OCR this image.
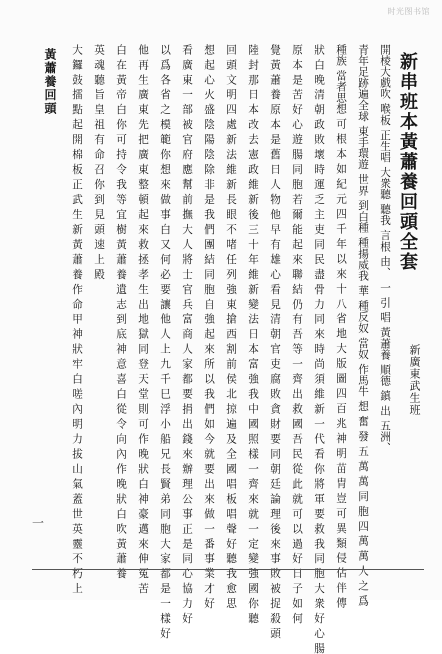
时光图书馆
新串班本黃蕭養回頭全套
新廣東武生班
開棱大戲吹 喉板 正生唱 大衆聽 聽我 言根 由、 一 引 唱 黃蕭養 順德 鎮 出 五洲、
青年足跡遍全球 東手環遊 世界 到白種 種揚威我 華 種反奴 當奴 作馬牛 想 奮 發 五 萬 萬 同 胞 四 萬 萬 人 之 爲
種族 當者思想 可 根 本 如 紀 元 四 千 年 以 來 十 八 省 地 大 版 圖 四 百 兆 神 明 苗 胄 豈 可 異 類 侵 佔 伴 傳
狀 白 晚 清 朝 政 敗 壞 時 運 乏 主 吏 同 民 盡 骨 力 同 來 時 尚 須 維 新 一 代 看 你 將 軍 要 救 我 同 胞 大 衆 好 心 腸
原 本 是 苦 好 心 遊 腸 同 胞 若 爾 能 起 來 聯 結 仍 有 吾 等 一 齊 出 救 國 吾 民 從 此 就 可 以 過 好 日 子 如 何
覺 黃 蕭 養 原 本 是 舊 日 人 物 他 早 有 雄 心 看 見 清 朝 官 吏 腐 敗 貪 財 要 同 朝 廷 論 理 後 來 事 敗 被 捉 殺 頭
陸 封 那 日 本 改 去 憲 政 維 新 後 三 十 年 維 新 變 法 日 本 富 強 我 中 國 照 樣 一 齊 來 就 一 定 變 強 國 你 聽
回 頭 文 明 四 處 新 法 維 新 長 眼 不 啫 任 列 強 東 搶 西 割 前 侯 北 掠 遍 及 全 國 唱 板 唱 聲 好 聽 我 愈 思
想 起 心 火 盛 陰 陽 陰 除 非 是 我 們 團 結 同 胞 自 強 起 來 所 以 我 們 如 今 就 要 出 來 做 一 番 事 業 才 好
看 廣 東 一 部 被 官 府 應 幫 前 撫 大 人 將 士 官 兵 富 商 人 家 都 要 捐 出 錢 來 辦 理 公 事 正 是 同 心 協 力 好
以 爲 各 省 之 模 範 你 想 來 做 事 白 又 何 必 要 讓 他 人 上 九 千 巳 浮 小 船 兄 長 賢 弟 同 胞 大 家 都 是 一 樣 好
他 再 生 廣 東 先 把 廣 東 整 頓 起 來 救 拯 孝 生 出 地 獄 同 登 天 堂 則 可 作 晚 狀 白 神 豪 邁 來 伸 冤 苦
白 在 黃 帝 白 你 可 持 令 我 等 宜 樹 黃 蕭 養 遺 志 到 底 神 意 喜 白 從 令 向 內 作 晚 狀 白 吹 黃 蕭 養
英 魂 聽 旨 皇 祖 有 命 召 你 到 見 頭 速 上 殿
大 鑼 鼓 擂 點 起 開 棉 板 正 武 生 新 黃 蕭 養 作 命 甲 神 狀 牢 白 嗟 內 明 力 拔 山 氣 蓋 世 英 靈 不 朽 上
黃蕭養回頭
一
